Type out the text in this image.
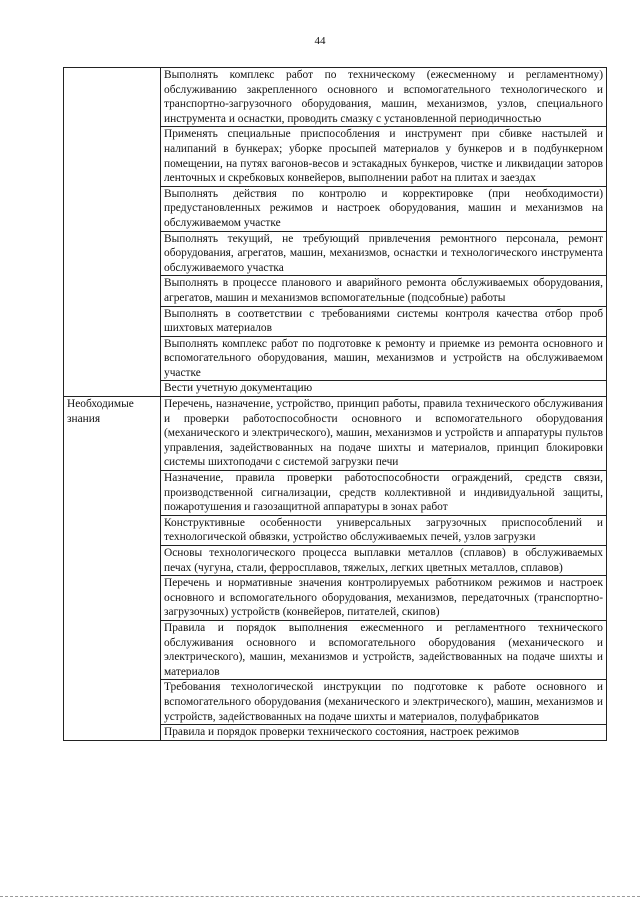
44
	Выполнять комплекс работ по техническому (ежесменному и регламентному) обслуживанию закрепленного основного и вспомогательного технологического и транспортно-загрузочного оборудования, машин, механизмов, узлов, специального инструмента и оснастки, проводить смазку с установленной периодичностью
	Применять специальные приспособления и инструмент при сбивке настылей и налипаний в бункерах; уборке просыпей материалов у бункеров и в подбункерном помещении, на путях вагонов-весов и эстакадных бункеров, чистке и ликвидации заторов ленточных и скребковых конвейеров, выполнении работ на плитах и заездах
	Выполнять действия по контролю и корректировке (при необходимости) предустановленных режимов и настроек оборудования, машин и механизмов на обслуживаемом участке
	Выполнять текущий, не требующий привлечения ремонтного персонала, ремонт оборудования, агрегатов, машин, механизмов, оснастки и технологического инструмента обслуживаемого участка
	Выполнять в процессе планового и аварийного ремонта обслуживаемых оборудования, агрегатов, машин и механизмов вспомогательные (подсобные) работы
	Выполнять в соответствии с требованиями системы контроля качества отбор проб шихтовых материалов
	Выполнять комплекс работ по подготовке к ремонту и приемке из ремонта основного и вспомогательного оборудования, машин, механизмов и устройств на обслуживаемом участке
	Вести учетную документацию
Необходимые знания	Перечень, назначение, устройство, принцип работы, правила технического обслуживания и проверки работоспособности основного и вспомогательного оборудования (механического и электрического), машин, механизмов и устройств и аппаратуры пультов управления, задействованных на подаче шихты и материалов, принцип блокировки системы шихтоподачи с системой загрузки печи
	Назначение, правила проверки работоспособности ограждений, средств связи, производственной сигнализации, средств коллективной и индивидуальной защиты, пожаротушения и газозащитной аппаратуры в зонах работ
	Конструктивные особенности универсальных загрузочных приспособлений и технологической обвязки, устройство обслуживаемых печей, узлов загрузки
	Основы технологического процесса выплавки металлов (сплавов) в обслуживаемых печах (чугуна, стали, ферросплавов, тяжелых, легких цветных металлов, сплавов)
	Перечень и нормативные значения контролируемых работником режимов и настроек основного и вспомогательного оборудования, механизмов, передаточных (транспортно-загрузочных) устройств (конвейеров, питателей, скипов)
	Правила и порядок выполнения ежесменного и регламентного технического обслуживания основного и вспомогательного оборудования (механического и электрического), машин, механизмов и устройств, задействованных на подаче шихты и материалов
	Требования технологической инструкции по подготовке к работе основного и вспомогательного оборудования (механического и электрического), машин, механизмов и устройств, задействованных на подаче шихты и материалов, полуфабрикатов
	Правила и порядок проверки технического состояния, настроек режимов
